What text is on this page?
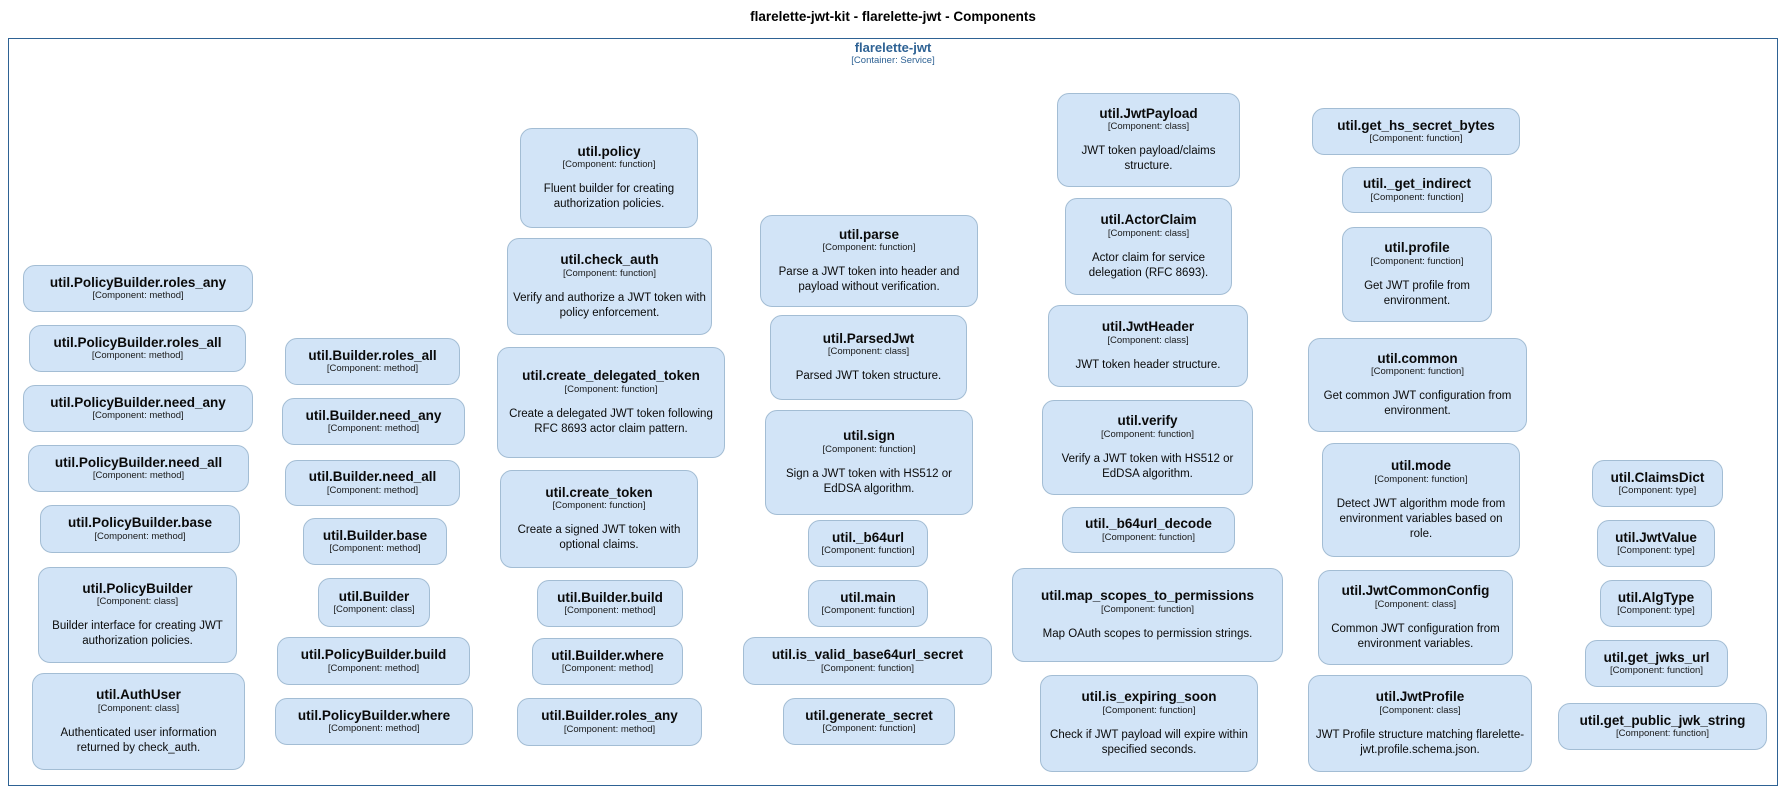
flarelette-jwt-kit - flarelette-jwt - Components
flarelette-jwt
[Container: Service]
util.PolicyBuilder.roles_any
[Component: method]
util.PolicyBuilder.roles_all
[Component: method]
util.PolicyBuilder.need_any
[Component: method]
util.PolicyBuilder.need_all
[Component: method]
util.PolicyBuilder.base
[Component: method]
util.PolicyBuilder
[Component: class]
Builder interface for creating JWT authorization policies.
util.AuthUser
[Component: class]
Authenticated user information returned by check_auth.
util.Builder.roles_all
[Component: method]
util.Builder.need_any
[Component: method]
util.Builder.need_all
[Component: method]
util.Builder.base
[Component: method]
util.Builder
[Component: class]
util.PolicyBuilder.build
[Component: method]
util.PolicyBuilder.where
[Component: method]
util.policy
[Component: function]
Fluent builder for creating authorization policies.
util.check_auth
[Component: function]
Verify and authorize a JWT token with policy enforcement.
util.create_delegated_token
[Component: function]
Create a delegated JWT token following RFC 8693 actor claim pattern.
util.create_token
[Component: function]
Create a signed JWT token with optional claims.
util.Builder.build
[Component: method]
util.Builder.where
[Component: method]
util.Builder.roles_any
[Component: method]
util.parse
[Component: function]
Parse a JWT token into header and payload without verification.
util.ParsedJwt
[Component: class]
Parsed JWT token structure.
util.sign
[Component: function]
Sign a JWT token with HS512 or EdDSA algorithm.
util._b64url
[Component: function]
util.main
[Component: function]
util.is_valid_base64url_secret
[Component: function]
util.generate_secret
[Component: function]
util.JwtPayload
[Component: class]
JWT token payload/claims structure.
util.ActorClaim
[Component: class]
Actor claim for service delegation (RFC 8693).
util.JwtHeader
[Component: class]
JWT token header structure.
util.verify
[Component: function]
Verify a JWT token with HS512 or EdDSA algorithm.
util._b64url_decode
[Component: function]
util.map_scopes_to_permissions
[Component: function]
Map OAuth scopes to permission strings.
util.is_expiring_soon
[Component: function]
Check if JWT payload will expire within specified seconds.
util.get_hs_secret_bytes
[Component: function]
util._get_indirect
[Component: function]
util.profile
[Component: function]
Get JWT profile from environment.
util.common
[Component: function]
Get common JWT configuration from environment.
util.mode
[Component: function]
Detect JWT algorithm mode from environment variables based on role.
util.JwtCommonConfig
[Component: class]
Common JWT configuration from environment variables.
util.JwtProfile
[Component: class]
JWT Profile structure matching flarelette-jwt.profile.schema.json.
util.ClaimsDict
[Component: type]
util.JwtValue
[Component: type]
util.AlgType
[Component: type]
util.get_jwks_url
[Component: function]
util.get_public_jwk_string
[Component: function]
